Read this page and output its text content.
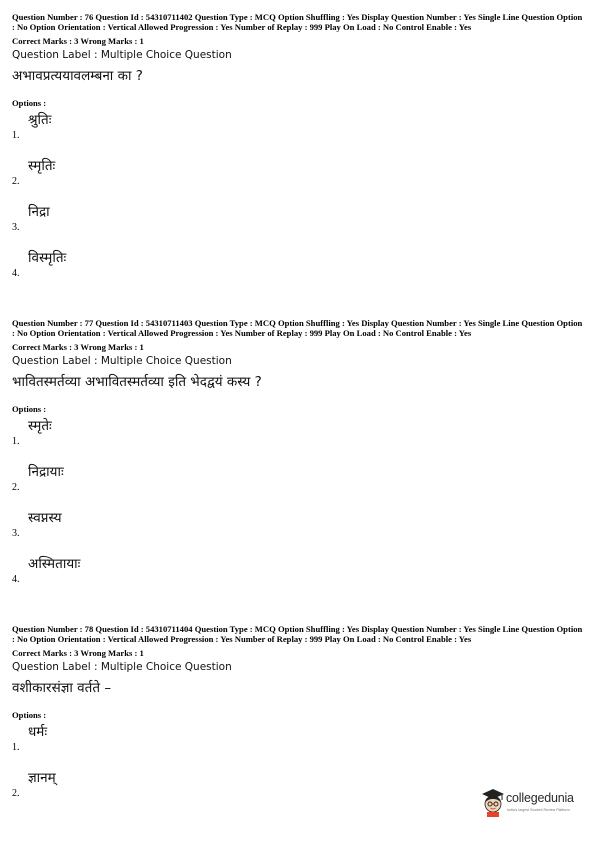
Question Number : 76 Question Id : 54310711402 Question Type : MCQ Option Shuffling : Yes Display Question Number : Yes Single Line Question Option : No Option Orientation : Vertical Allowed Progression : Yes Number of Replay : 999 Play On Load : No Control Enable : Yes
Correct Marks : 3 Wrong Marks : 1
Question Label : Multiple Choice Question
अभावप्रत्ययावलम्बना का ?
Options :
1.
श्रुतिः
2.
स्मृतिः
3.
निद्रा
4.
विस्मृतिः
Question Number : 77 Question Id : 54310711403 Question Type : MCQ Option Shuffling : Yes Display Question Number : Yes Single Line Question Option : No Option Orientation : Vertical Allowed Progression : Yes Number of Replay : 999 Play On Load : No Control Enable : Yes
Correct Marks : 3 Wrong Marks : 1
Question Label : Multiple Choice Question
भावितस्मर्तव्या अभावितस्मर्तव्या इति भेदद्वयं कस्य ?
Options :
1.
स्मृतेः
2.
निद्रायाः
3.
स्वप्नस्य
4.
अस्मितायाः
Question Number : 78 Question Id : 54310711404 Question Type : MCQ Option Shuffling : Yes Display Question Number : Yes Single Line Question Option : No Option Orientation : Vertical Allowed Progression : Yes Number of Replay : 999 Play On Load : No Control Enable : Yes
Correct Marks : 3 Wrong Marks : 1
Question Label : Multiple Choice Question
वशीकारसंज्ञा वर्तते –
Options :
1.
धर्मः
2.
ज्ञानम्
collegedunia
India's largest Student Review Platform
